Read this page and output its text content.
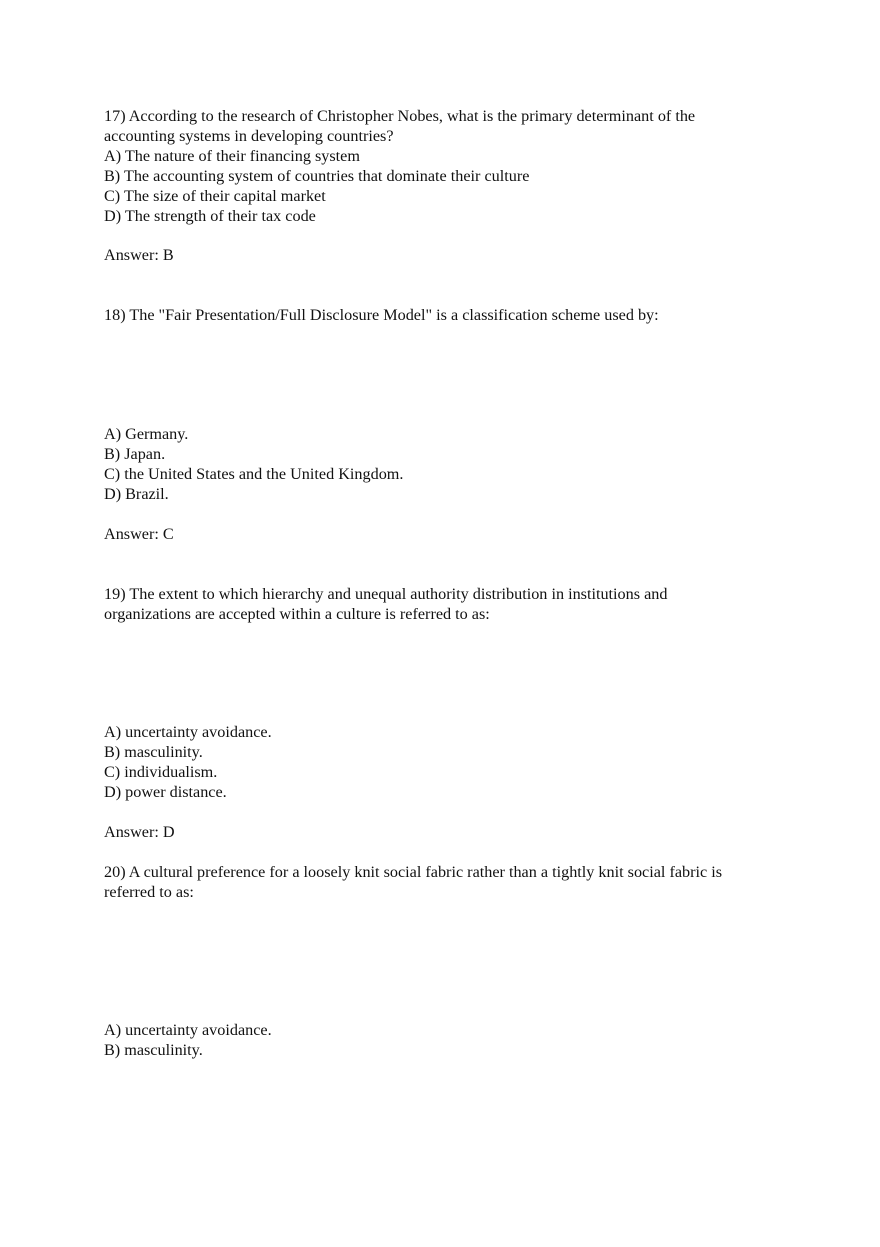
17) According to the research of Christopher Nobes, what is the primary determinant of the
accounting systems in developing countries?
A) The nature of their financing system
B) The accounting system of countries that dominate their culture
C) The size of their capital market
D) The strength of their tax code
Answer: B
18) The "Fair Presentation/Full Disclosure Model" is a classification scheme used by:
A) Germany.
B) Japan.
C) the United States and the United Kingdom.
D) Brazil.
Answer: C
19) The extent to which hierarchy and unequal authority distribution in institutions and
organizations are accepted within a culture is referred to as:
A) uncertainty avoidance.
B) masculinity.
C) individualism.
D) power distance.
Answer: D
20) A cultural preference for a loosely knit social fabric rather than a tightly knit social fabric is
referred to as:
A) uncertainty avoidance.
B) masculinity.
